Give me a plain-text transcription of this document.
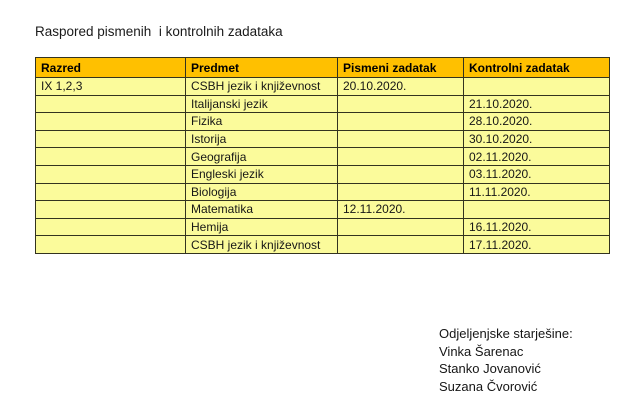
Raspored pismenih  i kontrolnih zadataka
Razred	Predmet	Pismeni zadatak	Kontrolni zadatak
IX 1,2,3	CSBH jezik i književnost	20.10.2020.	
	Italijanski jezik		21.10.2020.
	Fizika		28.10.2020.
	Istorija		30.10.2020.
	Geografija		02.11.2020.
	Engleski jezik		03.11.2020.
	Biologija		11.11.2020.
	Matematika	12.11.2020.	
	Hemija		16.11.2020.
	CSBH jezik i književnost		17.11.2020.
Odjeljenjske starješine:
Vinka Šarenac
Stanko Jovanović
Suzana Čvorović
